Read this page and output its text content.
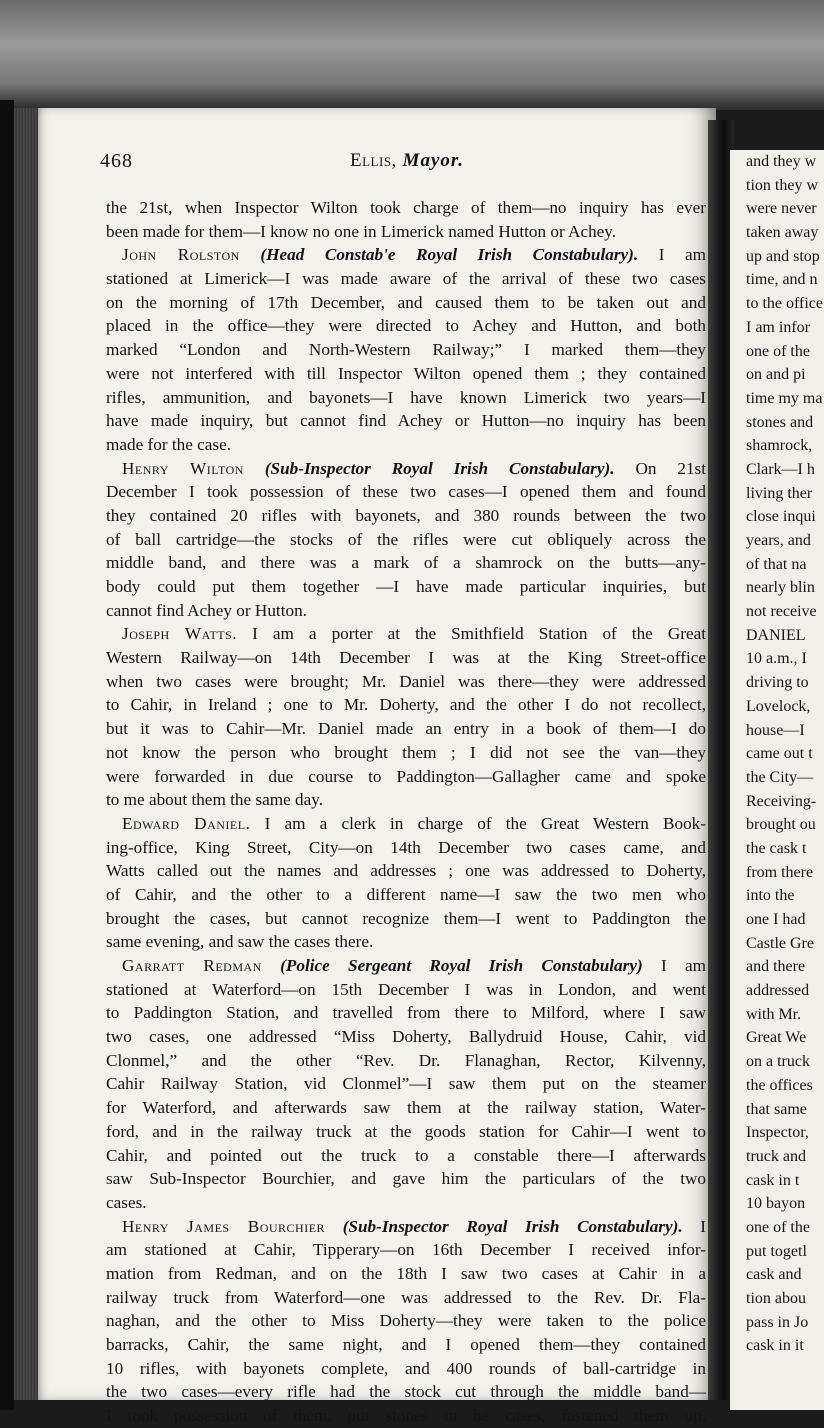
and they w
tion they w
were never
taken away
up and stop
time, and n
to the office
I am infor
one of the
on and pi
time my ma
stones and
shamrock,
Clark—I h
living ther
close inqui
years, and
of that na
nearly blin
not receive
DANIEL
10 a.m., I
driving to
Lovelock,
house—I
came out t
the City—
Receiving-
brought ou
the cask t
from there
into the
one I had
Castle Gre
and there
addressed
with Mr.
Great We
on a truck
the offices
that same
Inspector,
truck and
cask in t
10 bayon
one of the
put togetl
cask and
tion abou
pass in Jo
cask in it
468	Ellis, Mayor.
the 21st, when Inspector Wilton took charge of them—no inquiry has ever
been made for them—I know no one in Limerick named Hutton or Achey.
John Rolston (Head Constab'e Royal Irish Constabulary). I am
stationed at Limerick—I was made aware of the arrival of these two cases
on the morning of 17th December, and caused them to be taken out and
placed in the office—they were directed to Achey and Hutton, and both
marked “London and North-Western Railway;” I marked them—they
were not interfered with till Inspector Wilton opened them ; they contained
rifles, ammunition, and bayonets—I have known Limerick two years—I
have made inquiry, but cannot find Achey or Hutton—no inquiry has been
made for the case.
Henry Wilton (Sub-Inspector Royal Irish Constabulary). On 21st
December I took possession of these two cases—I opened them and found
they contained 20 rifles with bayonets, and 380 rounds between the two
of ball cartridge—the stocks of the rifles were cut obliquely across the
middle band, and there was a mark of a shamrock on the butts—any-
body could put them together —I have made particular inquiries, but
cannot find Achey or Hutton.
Joseph Watts. I am a porter at the Smithfield Station of the Great
Western Railway—on 14th December I was at the King Street-office
when two cases were brought; Mr. Daniel was there—they were addressed
to Cahir, in Ireland ; one to Mr. Doherty, and the other I do not recollect,
but it was to Cahir—Mr. Daniel made an entry in a book of them—I do
not know the person who brought them ; I did not see the van—they
were forwarded in due course to Paddington—Gallagher came and spoke
to me about them the same day.
Edward Daniel. I am a clerk in charge of the Great Western Book-
ing-office, King Street, City—on 14th December two cases came, and
Watts called out the names and addresses ; one was addressed to Doherty,
of Cahir, and the other to a different name—I saw the two men who
brought the cases, but cannot recognize them—I went to Paddington the
same evening, and saw the cases there.
Garratt Redman (Police Sergeant Royal Irish Constabulary) I am
stationed at Waterford—on 15th December I was in London, and went
to Paddington Station, and travelled from there to Milford, where I saw
two cases, one addressed “Miss Doherty, Ballydruid House, Cahir, vid
Clonmel,” and the other “Rev. Dr. Flanaghan, Rector, Kilvenny,
Cahir Railway Station, vid Clonmel”—I saw them put on the steamer
for Waterford, and afterwards saw them at the railway station, Water-
ford, and in the railway truck at the goods station for Cahir—I went to
Cahir, and pointed out the truck to a constable there—I afterwards
saw Sub-Inspector Bourchier, and gave him the particulars of the two
cases.
Henry James Bourchier (Sub-Inspector Royal Irish Constabulary). I
am stationed at Cahir, Tipperary—on 16th December I received infor-
mation from Redman, and on the 18th I saw two cases at Cahir in a
railway truck from Waterford—one was addressed to the Rev. Dr. Fla-
naghan, and the other to Miss Doherty—they were taken to the police
barracks, Cahir, the same night, and I opened them—they contained
10 rifles, with bayonets complete, and 400 rounds of ball-cartridge in
the two cases—every rifle had the stock cut through the middle band—
I took possession of them, put stones in he cases, fastened them up,
